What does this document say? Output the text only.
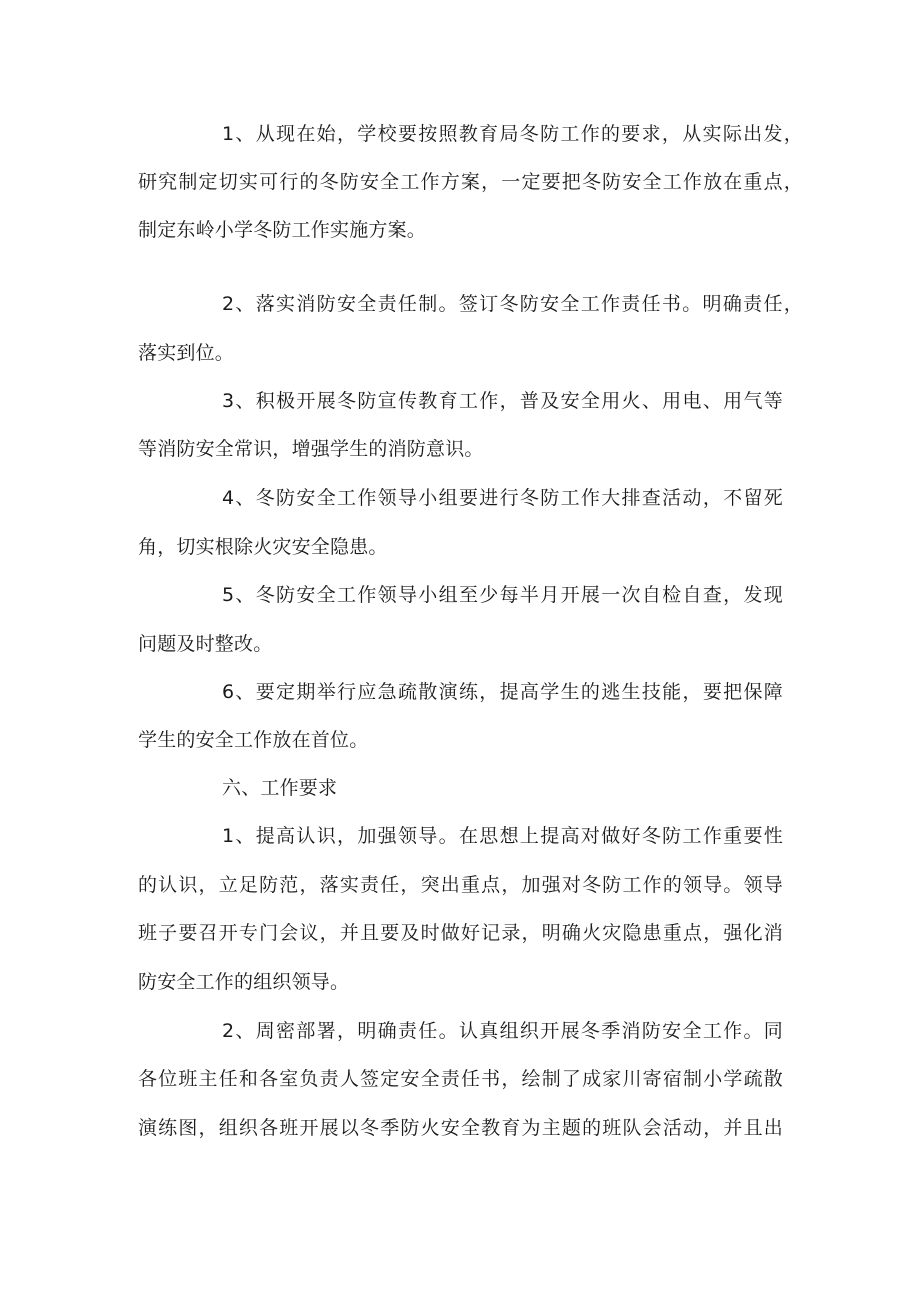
1、从现在始，学校要按照教育局冬防工作的要求，从实际出发，
研究制定切实可行的冬防安全工作方案，一定要把冬防安全工作放在重点，
制定东岭小学冬防工作实施方案。
2、落实消防安全责任制。签订冬防安全工作责任书。明确责任，
落实到位。
3、积极开展冬防宣传教育工作，普及安全用火、用电、用气等
等消防安全常识，增强学生的消防意识。
4、冬防安全工作领导小组要进行冬防工作大排查活动，不留死
角，切实根除火灾安全隐患。
5、冬防安全工作领导小组至少每半月开展一次自检自查，发现
问题及时整改。
6、要定期举行应急疏散演练，提高学生的逃生技能，要把保障
学生的安全工作放在首位。
六、工作要求
1、提高认识，加强领导。在思想上提高对做好冬防工作重要性
的认识，立足防范，落实责任，突出重点，加强对冬防工作的领导。领导
班子要召开专门会议，并且要及时做好记录，明确火灾隐患重点，强化消
防安全工作的组织领导。
2、周密部署，明确责任。认真组织开展冬季消防安全工作。同
各位班主任和各室负责人签定安全责任书，绘制了成家川寄宿制小学疏散
演练图，组织各班开展以冬季防火安全教育为主题的班队会活动，并且出
